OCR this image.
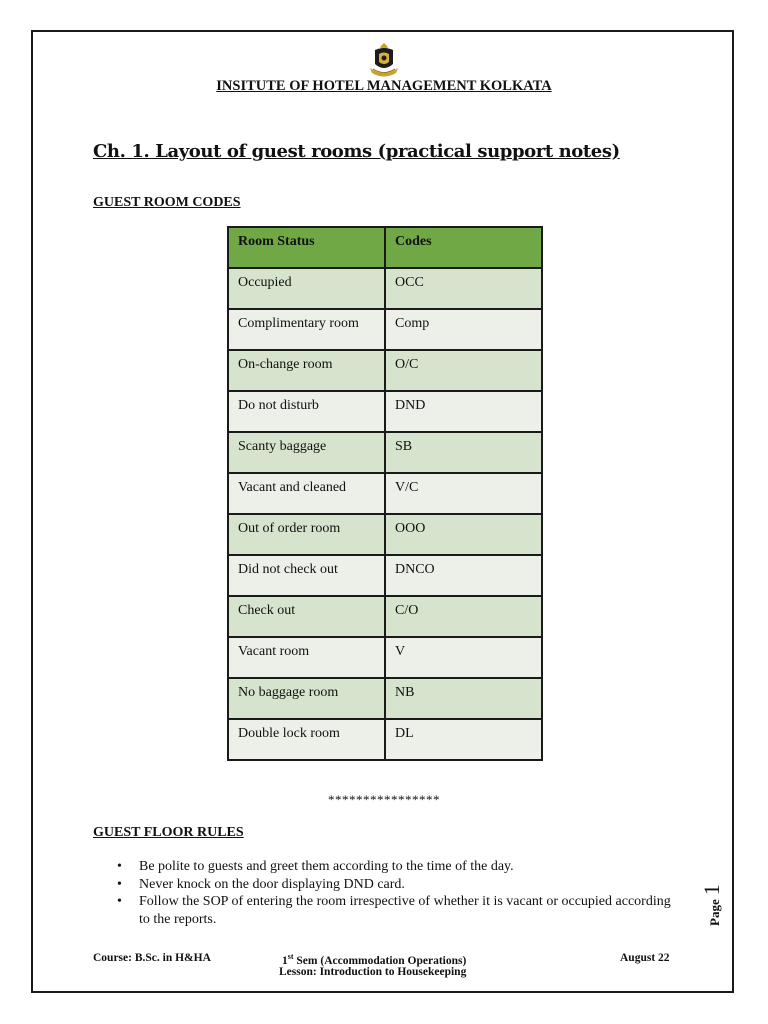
INSITUTE OF HOTEL MANAGEMENT KOLKATA
Ch. 1. Layout of guest rooms (practical support notes)
GUEST ROOM CODES
Room Status	Codes
Occupied	OCC
Complimentary room	Comp
On-change room	O/C
Do not disturb	DND
Scanty baggage	SB
Vacant and cleaned	V/C
Out of order room	OOO
Did not check out	DNCO
Check out	C/O
Vacant room	V
No baggage room	NB
Double lock room	DL
****************
GUEST FLOOR RULES
• Be polite to guests and greet them according to the time of the day.
• Never knock on the door displaying DND card.
• Follow the SOP of entering the room irrespective of whether it is vacant or occupied according to the reports.	Page 1
Course: B.Sc. in H&HA	1st Sem (Accommodation Operations)
Lesson: Introduction to Housekeeping
August 22
